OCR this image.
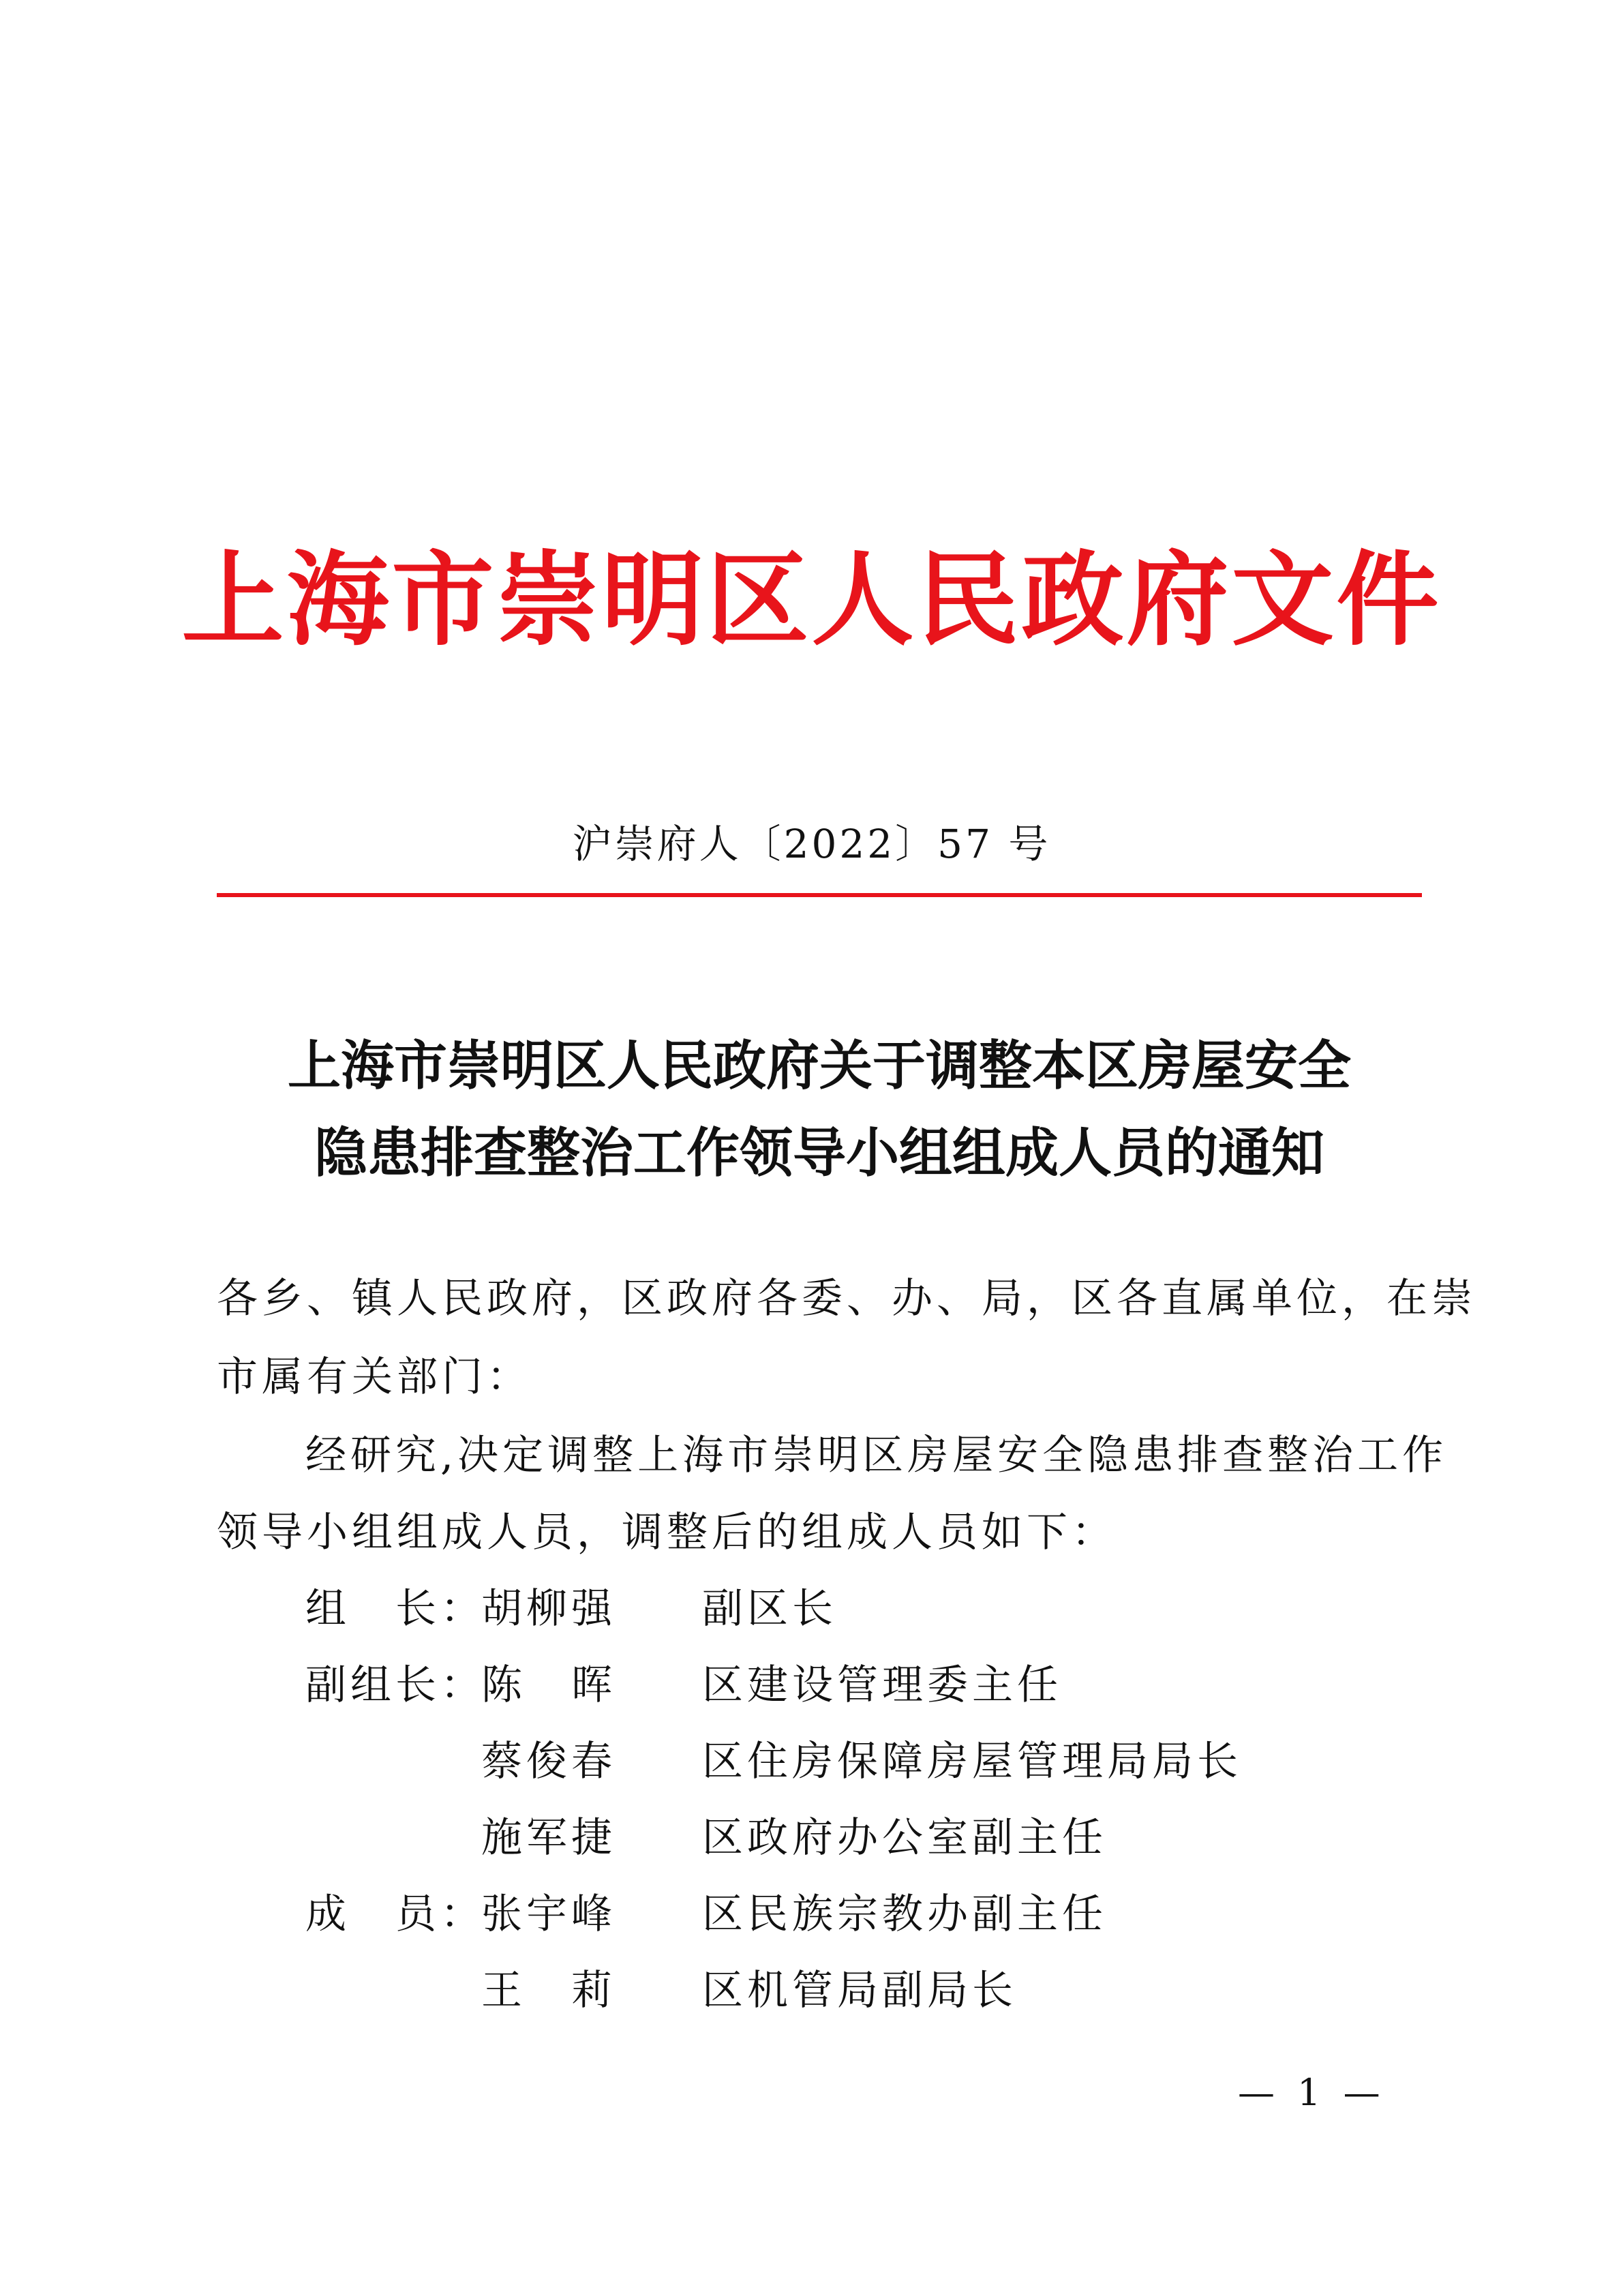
上海市崇明区人民政府文件
沪崇府人〔2022〕57 号
上海市崇明区人民政府关于调整本区房屋安全
隐患排查整治工作领导小组组成人员的通知
各乡、镇人民政府，区政府各委、办、局，区各直属单位，在崇
市属有关部门：
经研究,决定调整上海市崇明区房屋安全隐患排查整治工作
领导小组组成人员，调整后的组成人员如下：
组　长：
胡柳强 副区长
副组长：
陈　晖 区建设管理委主任
蔡俊春 区住房保障房屋管理局局长
施军捷 区政府办公室副主任
成　员：
张宇峰 区民族宗教办副主任
王　莉 区机管局副局长
— 1 —
